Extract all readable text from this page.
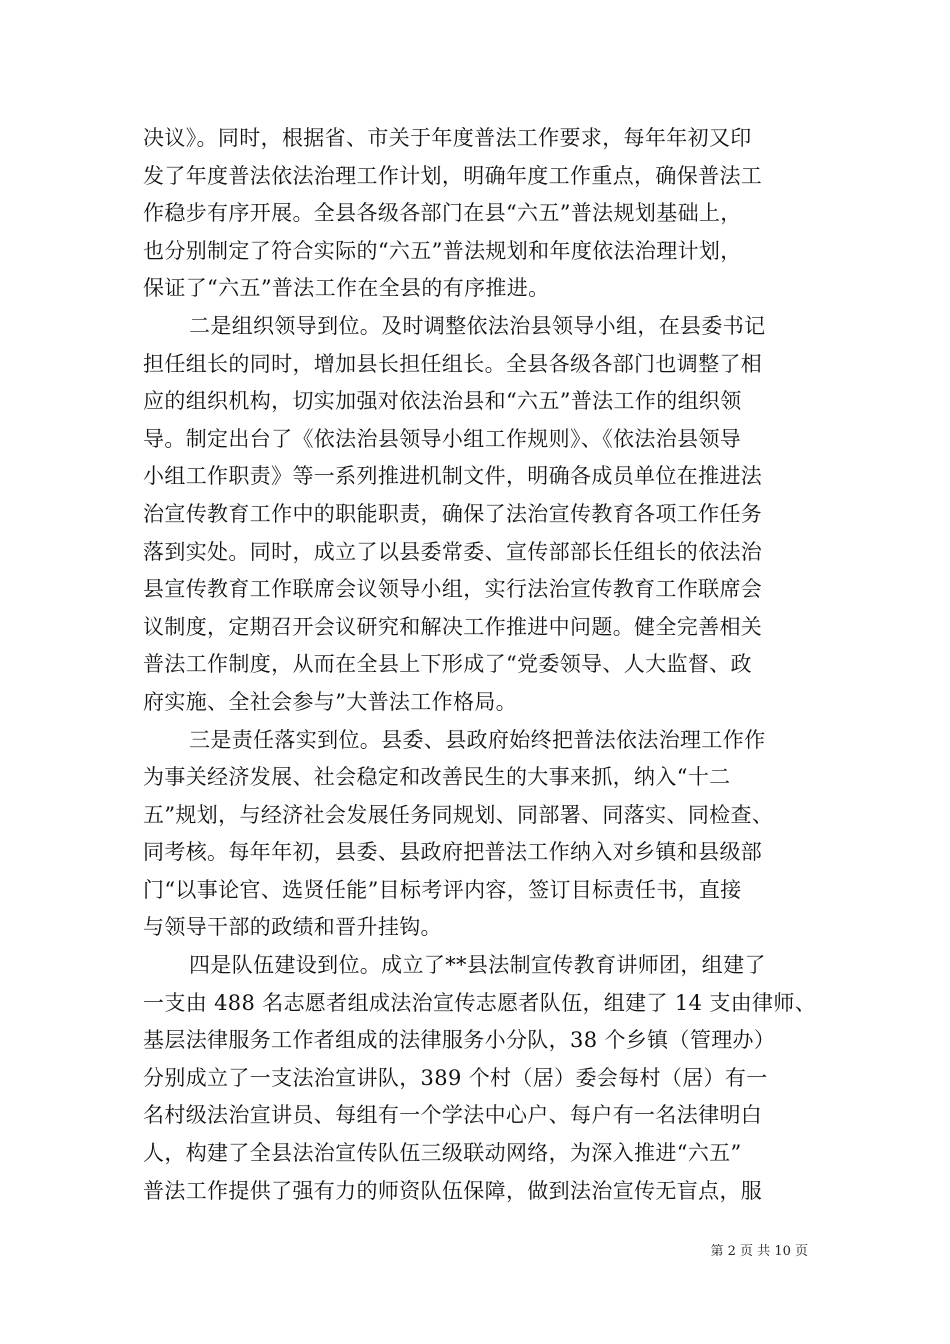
决议》。同时，根据省、市关于年度普法工作要求，每年年初又印
发了年度普法依法治理工作计划，明确年度工作重点，确保普法工
作稳步有序开展。全县各级各部门在县“六五”普法规划基础上，
也分别制定了符合实际的“六五”普法规划和年度依法治理计划，
保证了“六五”普法工作在全县的有序推进。
二是组织领导到位。及时调整依法治县领导小组，在县委书记
担任组长的同时，增加县长担任组长。全县各级各部门也调整了相
应的组织机构，切实加强对依法治县和“六五”普法工作的组织领
导。制定出台了《依法治县领导小组工作规则》、《依法治县领导
小组工作职责》等一系列推进机制文件，明确各成员单位在推进法
治宣传教育工作中的职能职责，确保了法治宣传教育各项工作任务
落到实处。同时，成立了以县委常委、宣传部部长任组长的依法治
县宣传教育工作联席会议领导小组，实行法治宣传教育工作联席会
议制度，定期召开会议研究和解决工作推进中问题。健全完善相关
普法工作制度，从而在全县上下形成了“党委领导、人大监督、政
府实施、全社会参与”大普法工作格局。
三是责任落实到位。县委、县政府始终把普法依法治理工作作
为事关经济发展、社会稳定和改善民生的大事来抓，纳入“十二
五”规划，与经济社会发展任务同规划、同部署、同落实、同检查、
同考核。每年年初，县委、县政府把普法工作纳入对乡镇和县级部
门“以事论官、选贤任能”目标考评内容，签订目标责任书，直接
与领导干部的政绩和晋升挂钩。
四是队伍建设到位。成立了**县法制宣传教育讲师团，组建了
一支由 488 名志愿者组成法治宣传志愿者队伍，组建了 14 支由律师、
基层法律服务工作者组成的法律服务小分队，38 个乡镇（管理办）
分别成立了一支法治宣讲队，389 个村（居）委会每村（居）有一
名村级法治宣讲员、每组有一个学法中心户、每户有一名法律明白
人，构建了全县法治宣传队伍三级联动网络，为深入推进“六五”
普法工作提供了强有力的师资队伍保障，做到法治宣传无盲点，服
第 2 页 共 10 页
